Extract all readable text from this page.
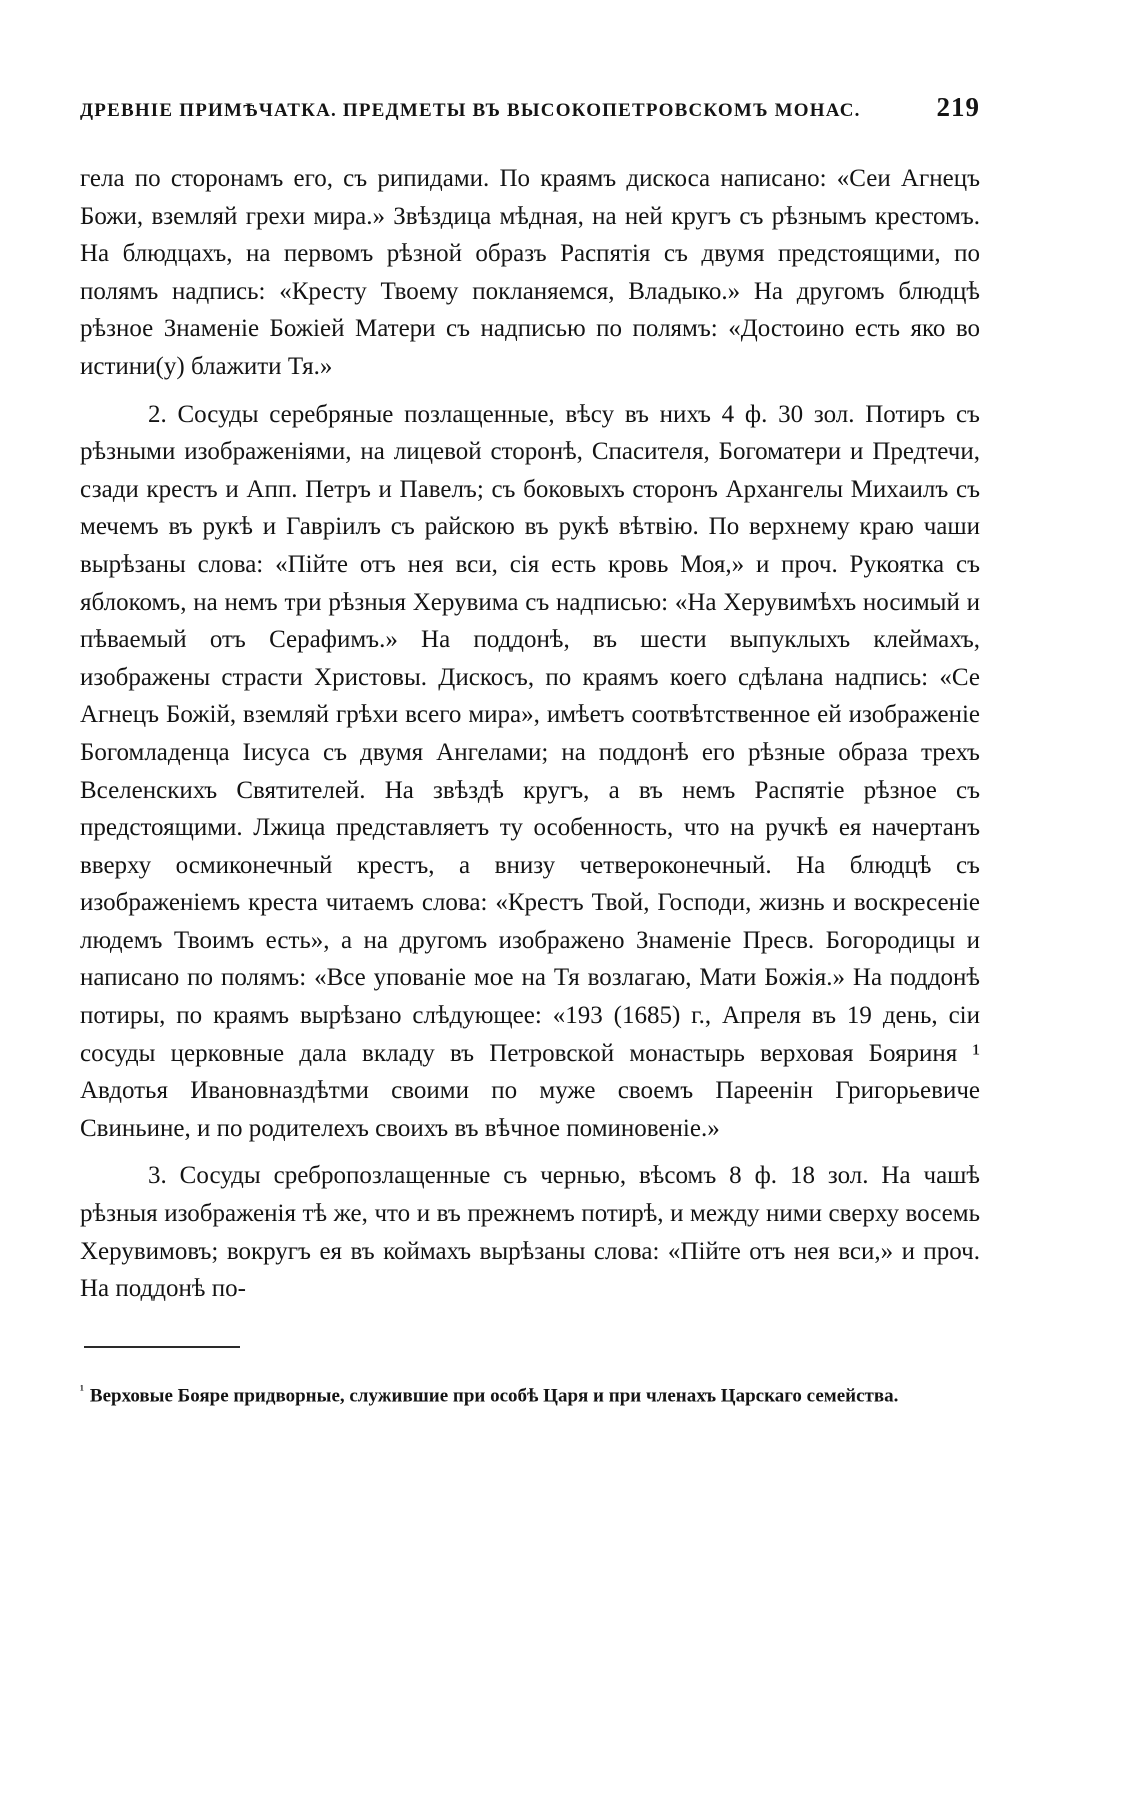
ДРЕВНІЕ ПРИМѢЧАТКА. ПРЕДМЕТЫ ВЪ ВЫСОКОПЕТРОВСКОМЪ МОНАС.	219

гела по сторонамъ его, съ рипидами. По краямъ дискоса написано: «Сеи Агнецъ Божи, вземляй грехи мира.» Звѣздица мѣдная, на ней кругъ съ рѣзнымъ крестомъ. На блюдцахъ, на первомъ рѣзной образъ Распятія съ двумя предстоящими, по полямъ надпись: «Кресту Твоему покланяемся, Владыко.» На другомъ блюдцѣ рѣзное Знаменіе Божіей Матери съ надписью по полямъ: «Достоино есть яко во истини(у) блажити Тя.»

2. Сосуды серебряные позлащенные, вѣсу въ нихъ 4 ф. 30 зол. Потиръ съ рѣзными изображеніями, на лицевой сторонѣ, Спасителя, Богоматери и Предтечи, сзади крестъ и Апп. Петръ и Павелъ; съ боковыхъ сторонъ Архангелы Михаилъ съ мечемъ въ рукѣ и Гавріилъ съ райскою въ рукѣ вѣтвію. По верхнему краю чаши вырѣзаны слова: «Пійте отъ нея вси, сія есть кровь Моя,» и проч. Рукоятка съ яблокомъ, на немъ три рѣзныя Херувима съ надписью: «На Херувимѣхъ носимый и пѣваемый отъ Серафимъ.» На поддонѣ, въ шести выпуклыхъ клеймахъ, изображены страсти Христовы. Дискосъ, по краямъ коего сдѣлана надпись: «Се Агнецъ Божій, вземляй грѣхи всего мира», имѣетъ соотвѣтственное ей изображеніе Богомладенца Іисуса съ двумя Ангелами; на поддонѣ его рѣзные образа трехъ Вселенскихъ Святителей. На звѣздѣ кругъ, а въ немъ Распятіе рѣзное съ предстоящими. Лжица представляетъ ту особенность, что на ручкѣ ея начертанъ вверху осмиконечный крестъ, а внизу четвероконечный. На блюдцѣ съ изображеніемъ креста читаемъ слова: «Крестъ Твой, Господи, жизнь и воскресеніе людемъ Твоимъ есть», а на другомъ изображено Знаменіе Пресв. Богородицы и написано по полямъ: «Все упованіе мое на Тя возлагаю, Мати Божія.» На поддонѣ потиры, по краямъ вырѣзано слѣдующее: «193 (1685) г., Апреля въ 19 день, сіи сосуды церковные дала вкладу въ Петровской монастырь верховая Бояриня ¹ Авдотья Ивановназдѣтми своими по муже своемъ Пареенін Григорьевиче Свиньине, и по родителехъ своихъ въ вѣчное поминовеніе.»

3. Сосуды сребропозлащенные съ чернью, вѣсомъ 8 ф. 18 зол. На чашѣ рѣзныя изображенія тѣ же, что и въ прежнемъ потирѣ, и между ними сверху восемь Херувимовъ; вокругъ ея въ коймахъ вырѣзаны слова: «Пійте отъ нея вси,» и проч. На поддонѣ по-

$^{^1}$ Верховые Бояре придворные, служившие при особѣ Царя и при членахъ Царскаго семейства.
